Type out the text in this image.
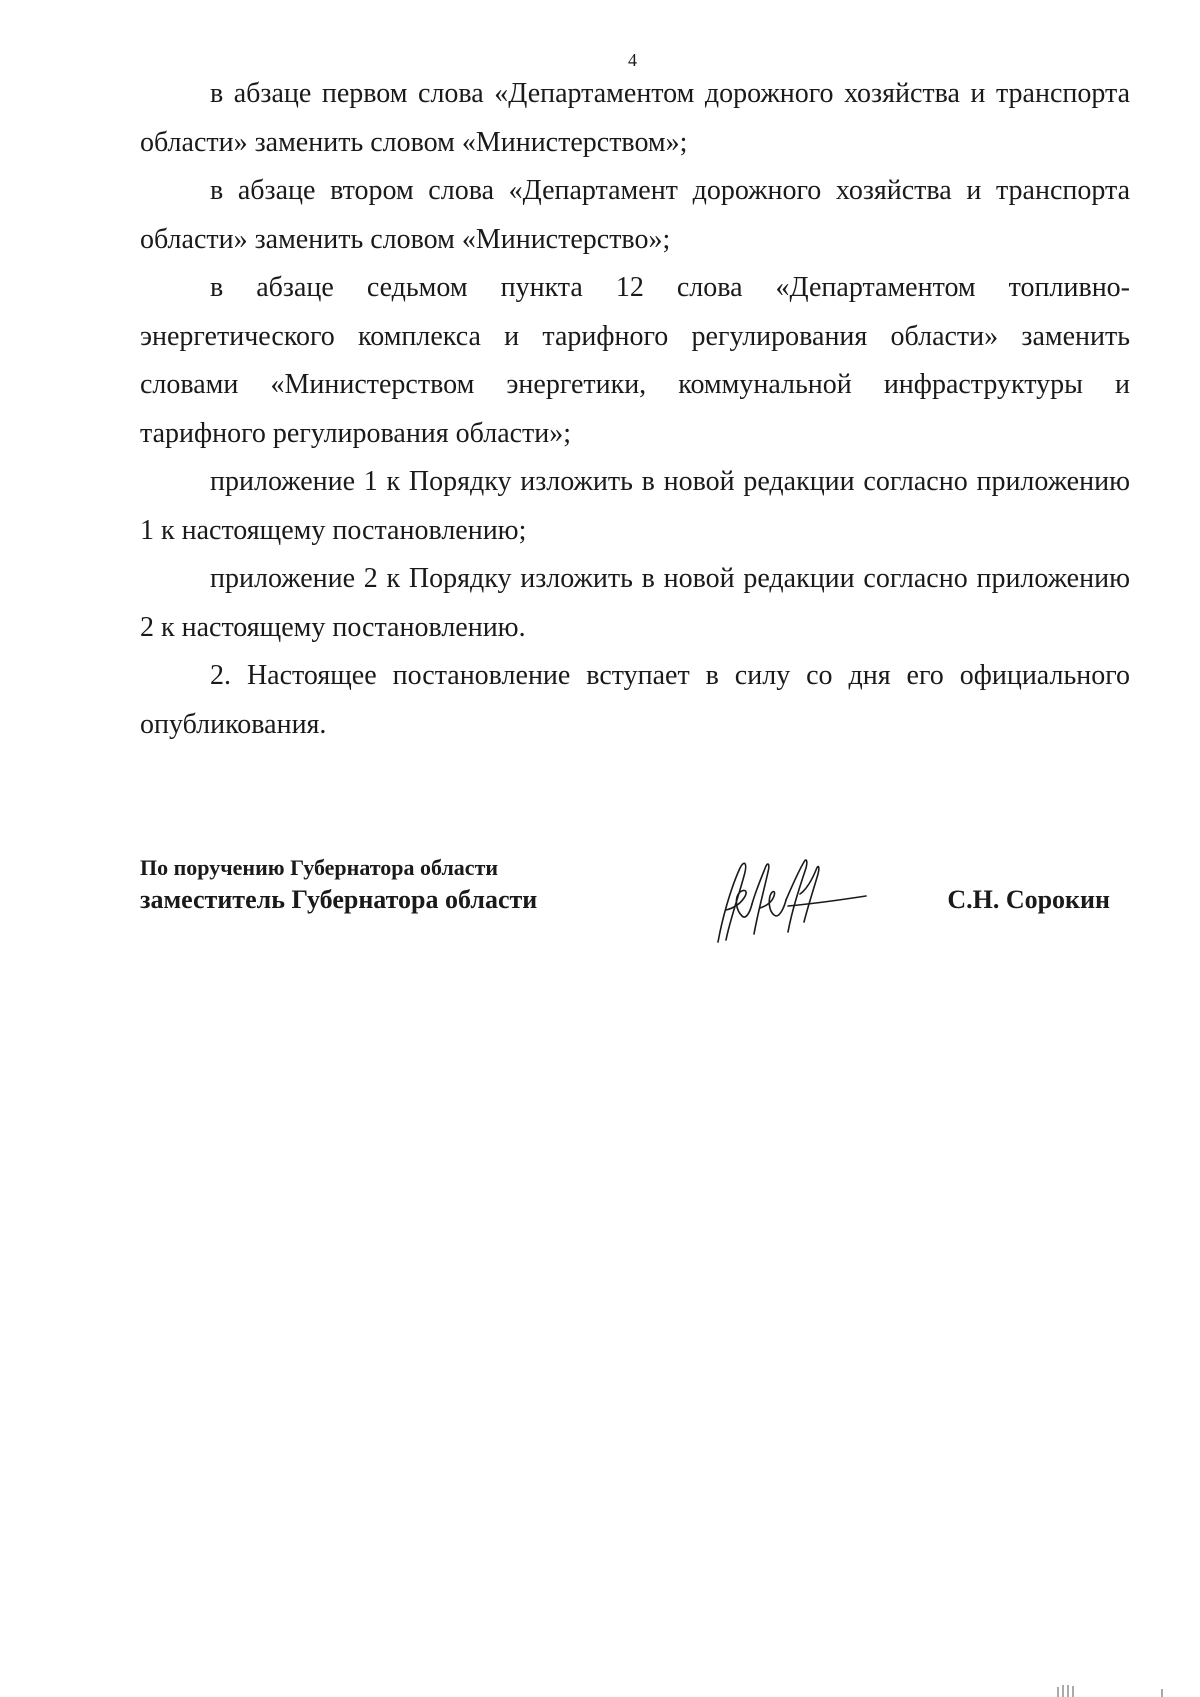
4

в абзаце первом слова «Департаментом дорожного хозяйства и транспорта области» заменить словом «Министерством»;

в абзаце втором слова «Департамент дорожного хозяйства и транспорта области» заменить словом «Министерство»;

в абзаце седьмом пункта 12 слова «Департаментом топливно-энергетического комплекса и тарифного регулирования области» заменить словами «Министерством энергетики, коммунальной инфраструктуры и тарифного регулирования области»;

приложение 1 к Порядку изложить в новой редакции согласно приложению 1 к настоящему постановлению;

приложение 2 к Порядку изложить в новой редакции согласно приложению 2 к настоящему постановлению.

2. Настоящее постановление вступает в силу со дня его официального опубликования.

По поручению Губернатора области
заместитель Губернатора области	С.Н. Сорокин
